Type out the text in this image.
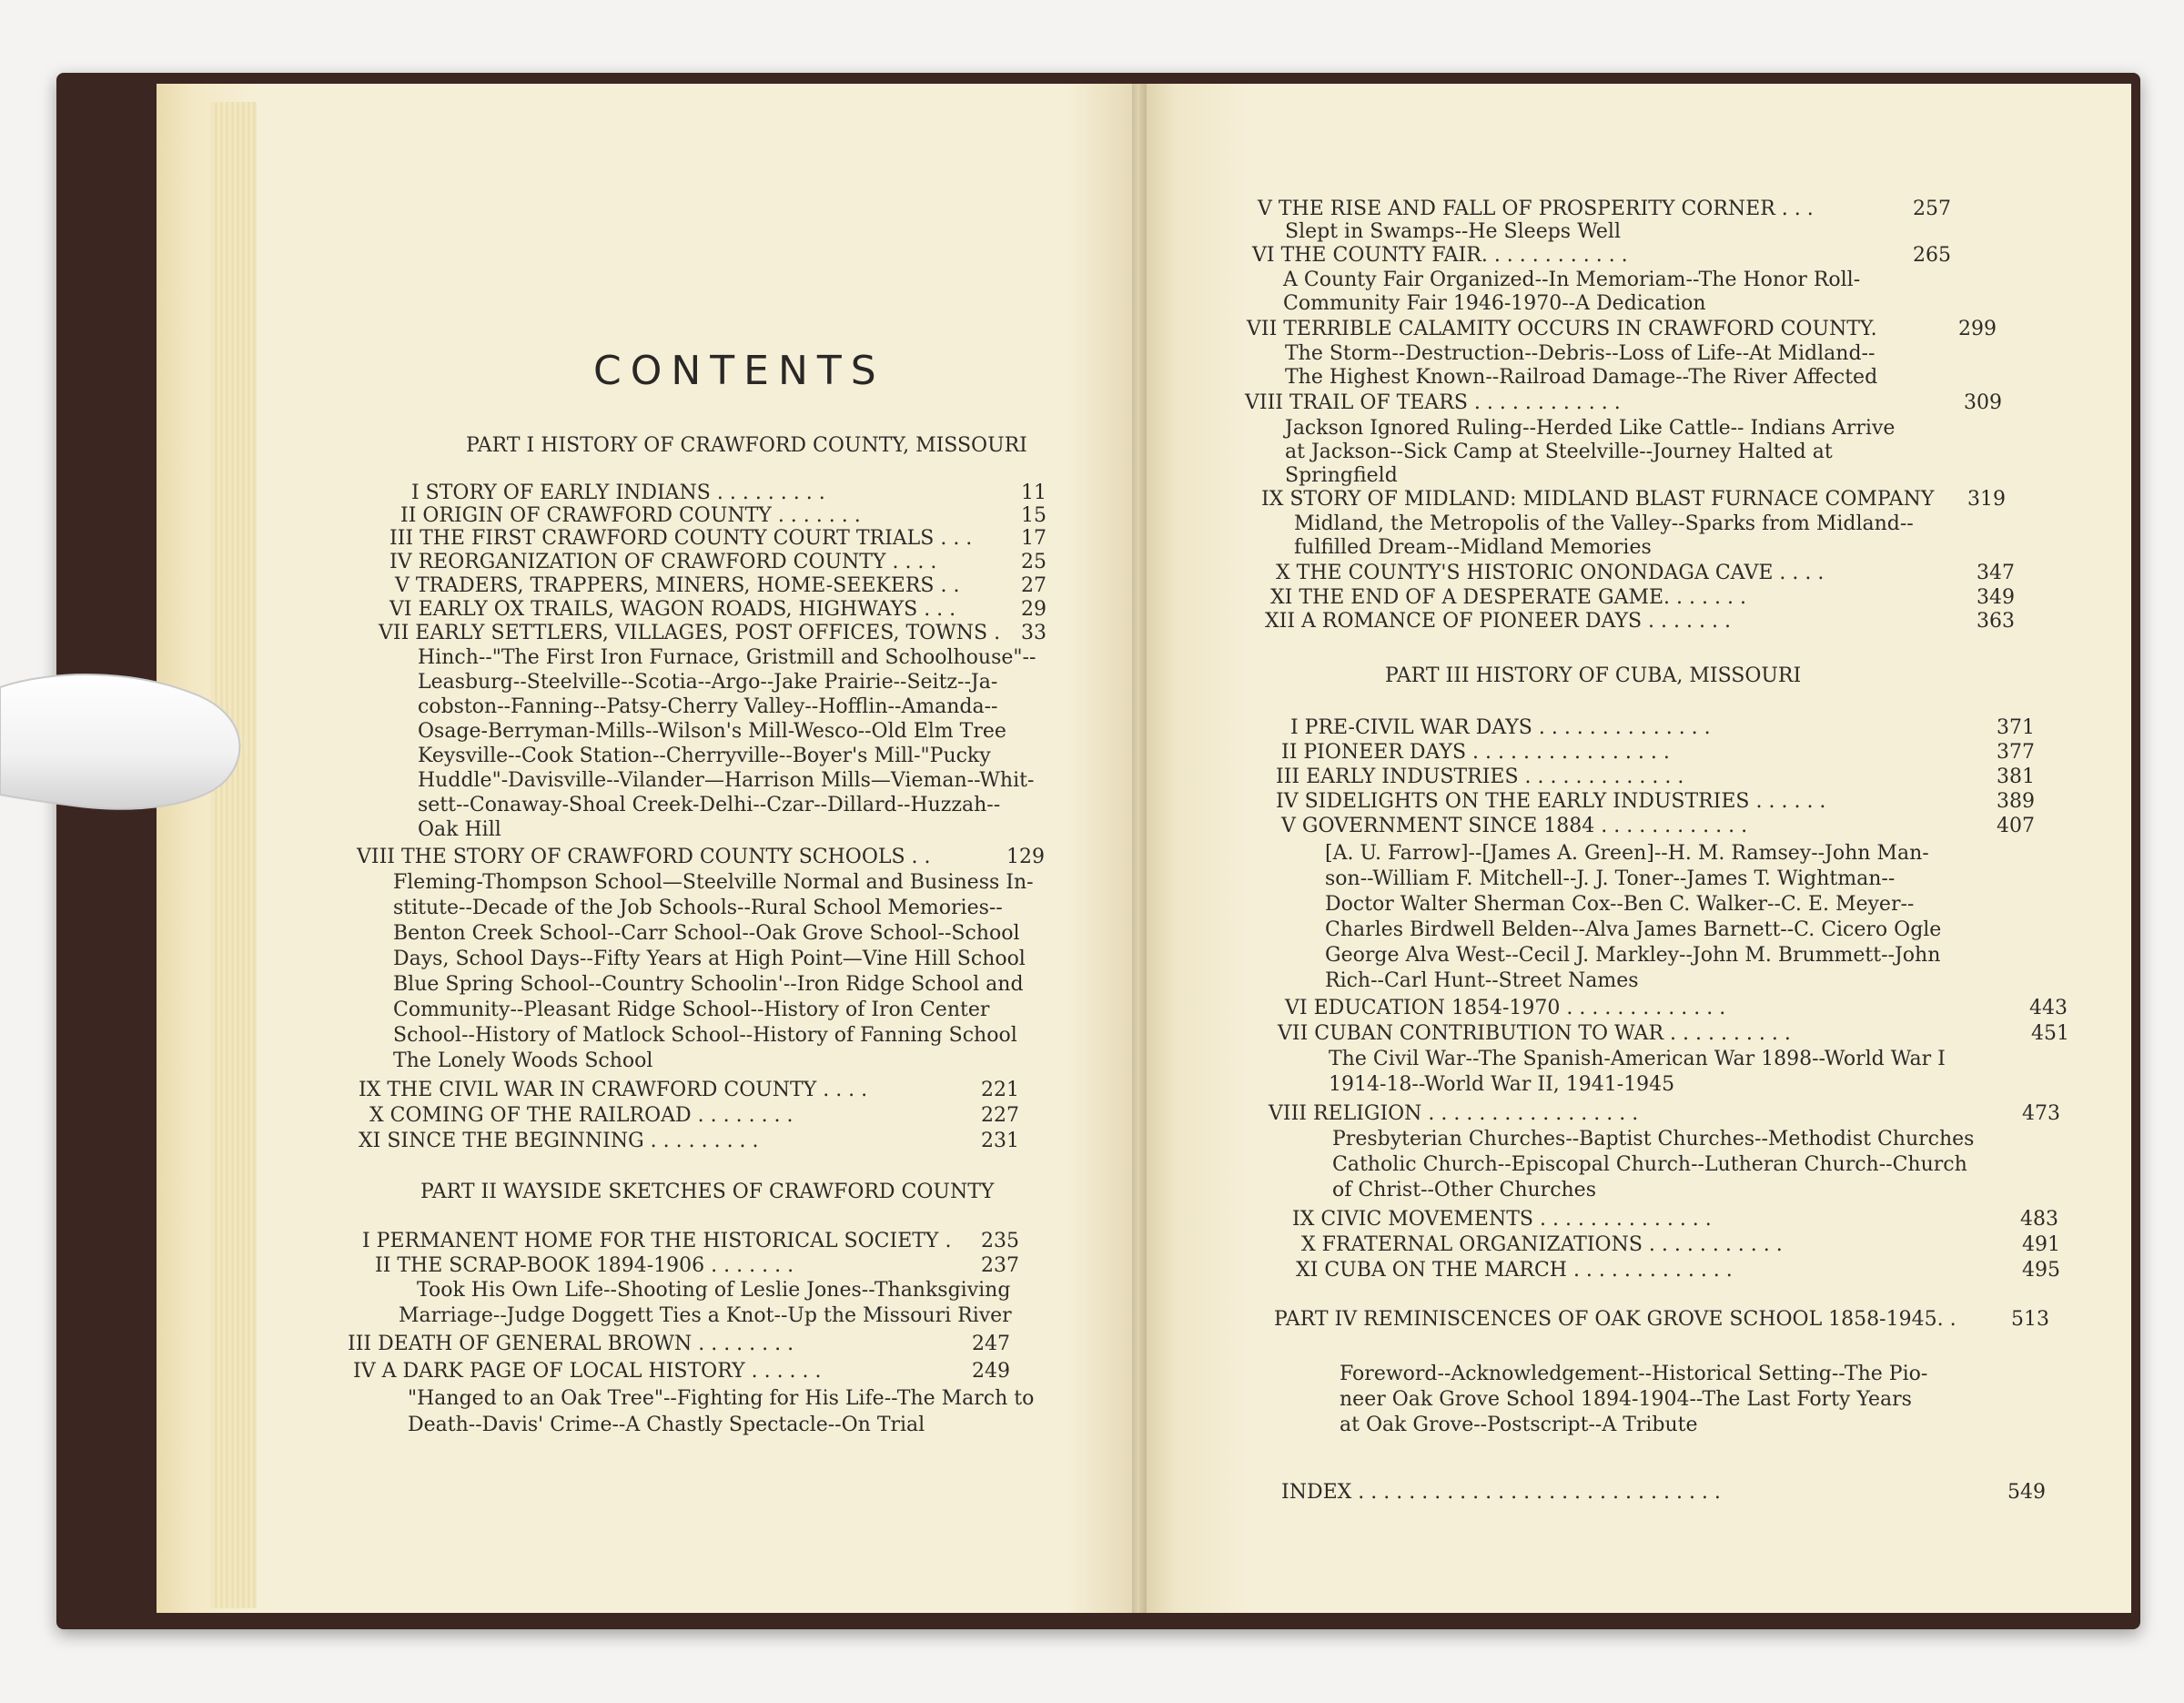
CONTENTS
PART I HISTORY OF CRAWFORD COUNTY, MISSOURI
I STORY OF EARLY INDIANS . . . . . . . . .	11
II ORIGIN OF CRAWFORD COUNTY . . . . . . .	15
III THE FIRST CRAWFORD COUNTY COURT TRIALS . . . 17
IV REORGANIZATION OF CRAWFORD COUNTY . . . .	25
V TRADERS, TRAPPERS, MINERS, HOME-SEEKERS . .	27
VI EARLY OX TRAILS, WAGON ROADS, HIGHWAYS . . .	29
VII EARLY SETTLERS, VILLAGES, POST OFFICES, TOWNS . 33
Hinch--"The First Iron Furnace, Gristmill and Schoolhouse"--
Leasburg--Steelville--Scotia--Argo--Jake Prairie--Seitz--Ja-
cobston--Fanning--Patsy-Cherry Valley--Hofflin--Amanda--
Osage-Berryman-Mills--Wilson's Mill-Wesco--Old Elm Tree
Keysville--Cook Station--Cherryville--Boyer's Mill-"Pucky
Huddle"-Davisville--Vilander—Harrison Mills—Vieman--Whit-
sett--Conaway-Shoal Creek-Delhi--Czar--Dillard--Huzzah--
Oak Hill
VIII THE STORY OF CRAWFORD COUNTY SCHOOLS . .	129
Fleming-Thompson School—Steelville Normal and Business In-
stitute--Decade of the Job Schools--Rural School Memories--
Benton Creek School--Carr School--Oak Grove School--School
Days, School Days--Fifty Years at High Point—Vine Hill School
Blue Spring School--Country Schoolin'--Iron Ridge School and
Community--Pleasant Ridge School--History of Iron Center
School--History of Matlock School--History of Fanning School
The Lonely Woods School
IX THE CIVIL WAR IN CRAWFORD COUNTY . . . .	221
X COMING OF THE RAILROAD . . . . . . . .	227
XI SINCE THE BEGINNING . . . . . . . . .	231
PART II WAYSIDE SKETCHES OF CRAWFORD COUNTY
I PERMANENT HOME FOR THE HISTORICAL SOCIETY . 235
II THE SCRAP-BOOK 1894-1906 . . . . . . .	237
Took His Own Life--Shooting of Leslie Jones--Thanksgiving
Marriage--Judge Doggett Ties a Knot--Up the Missouri River
III DEATH OF GENERAL BROWN . . . . . . . .	247
IV A DARK PAGE OF LOCAL HISTORY . . . . . .	249
"Hanged to an Oak Tree"--Fighting for His Life--The March to
Death--Davis' Crime--A Chastly Spectacle--On Trial
V THE RISE AND FALL OF PROSPERITY CORNER . . .	257
Slept in Swamps--He Sleeps Well
VI THE COUNTY FAIR. . . . . . . . . . . .	265
A County Fair Organized--In Memoriam--The Honor Roll-
Community Fair 1946-1970--A Dedication
VII TERRIBLE CALAMITY OCCURS IN CRAWFORD COUNTY.	299
The Storm--Destruction--Debris--Loss of Life--At Midland--
The Highest Known--Railroad Damage--The River Affected
VIII TRAIL OF TEARS . . . . . . . . . . . .	309
Jackson Ignored Ruling--Herded Like Cattle-- Indians Arrive
at Jackson--Sick Camp at Steelville--Journey Halted at
Springfield
IX STORY OF MIDLAND: MIDLAND BLAST FURNACE COMPANY 319
Midland, the Metropolis of the Valley--Sparks from Midland--
fulfilled Dream--Midland Memories
X THE COUNTY'S HISTORIC ONONDAGA CAVE . . . .	347
XI THE END OF A DESPERATE GAME. . . . . . .	349
XII A ROMANCE OF PIONEER DAYS . . . . . . .	363
PART III HISTORY OF CUBA, MISSOURI
I PRE-CIVIL WAR DAYS . . . . . . . . . . . . . .	371
II PIONEER DAYS . . . . . . . . . . . . . . . .	377
III EARLY INDUSTRIES . . . . . . . . . . . . .	381
IV SIDELIGHTS ON THE EARLY INDUSTRIES . . . . . .	389
V GOVERNMENT SINCE 1884 . . . . . . . . . . . .	407
[A. U. Farrow]--[James A. Green]--H. M. Ramsey--John Man-
son--William F. Mitchell--J. J. Toner--James T. Wightman--
Doctor Walter Sherman Cox--Ben C. Walker--C. E. Meyer--
Charles Birdwell Belden--Alva James Barnett--C. Cicero Ogle
George Alva West--Cecil J. Markley--John M. Brummett--John
Rich--Carl Hunt--Street Names
VI EDUCATION 1854-1970 . . . . . . . . . . . . .	443
VII CUBAN CONTRIBUTION TO WAR . . . . . . . . . .	451
The Civil War--The Spanish-American War 1898--World War I
1914-18--World War II, 1941-1945
VIII RELIGION . . . . . . . . . . . . . . . . .	473
Presbyterian Churches--Baptist Churches--Methodist Churches
Catholic Church--Episcopal Church--Lutheran Church--Church
of Christ--Other Churches
IX CIVIC MOVEMENTS . . . . . . . . . . . . . .	483
X FRATERNAL ORGANIZATIONS . . . . . . . . . . .	491
XI CUBA ON THE MARCH . . . . . . . . . . . . .	495
PART IV REMINISCENCES OF OAK GROVE SCHOOL 1858-1945. .	513
Foreword--Acknowledgement--Historical Setting--The Pio-
neer Oak Grove School 1894-1904--The Last Forty Years
at Oak Grove--Postscript--A Tribute
INDEX . . . . . . . . . . . . . . . . . . . . . . . . . . . . .	549
